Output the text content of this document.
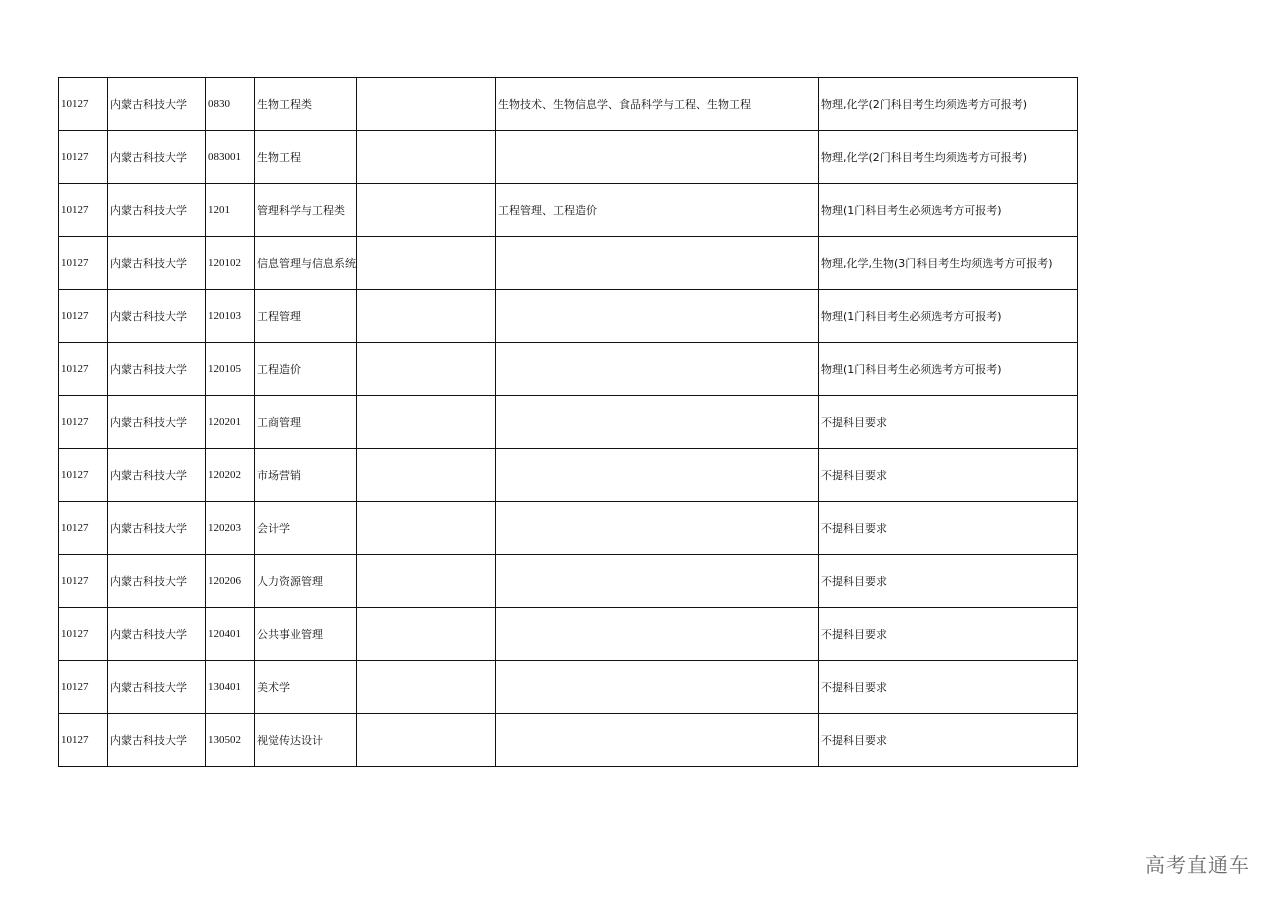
10127	内蒙古科技大学	0830	生物工程类		生物技术、生物信息学、食品科学与工程、生物工程	物理,化学(2门科目考生均须选考方可报考)
10127	内蒙古科技大学	083001	生物工程			物理,化学(2门科目考生均须选考方可报考)
10127	内蒙古科技大学	1201	管理科学与工程类		工程管理、工程造价	物理(1门科目考生必须选考方可报考)
10127	内蒙古科技大学	120102	信息管理与信息系统			物理,化学,生物(3门科目考生均须选考方可报考)
10127	内蒙古科技大学	120103	工程管理			物理(1门科目考生必须选考方可报考)
10127	内蒙古科技大学	120105	工程造价			物理(1门科目考生必须选考方可报考)
10127	内蒙古科技大学	120201	工商管理			不提科目要求
10127	内蒙古科技大学	120202	市场营销			不提科目要求
10127	内蒙古科技大学	120203	会计学			不提科目要求
10127	内蒙古科技大学	120206	人力资源管理			不提科目要求
10127	内蒙古科技大学	120401	公共事业管理			不提科目要求
10127	内蒙古科技大学	130401	美术学			不提科目要求
10127	内蒙古科技大学	130502	视觉传达设计			不提科目要求
高考直通车
